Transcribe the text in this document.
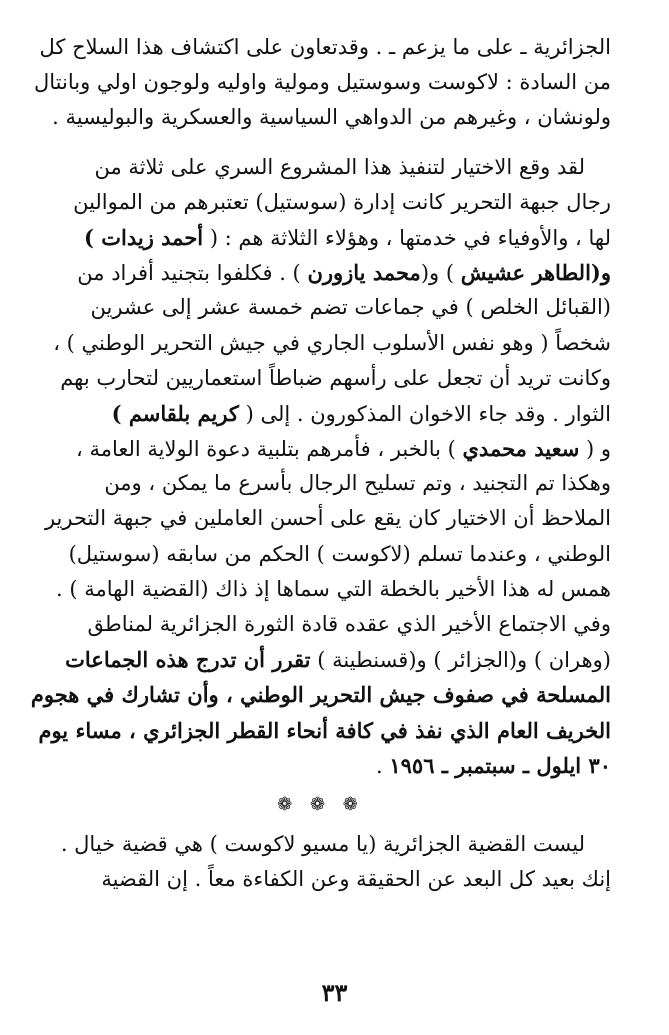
الجزائرية ـ على ما يزعم ـ . وقدتعاون على اكتشاف هذا السلاح كل
من السادة : لاكوست وسوستيل ومولية واوليه ولوجون اولي وبانتال
ولونشان ، وغيرهم من الدواهي السياسية والعسكرية والبوليسية .
لقد وقع الاختيار لتنفيذ هذا المشروع السري على ثلاثة من
رجال جبهة التحرير كانت إدارة (سوستيل) تعتبرهم من الموالين
لها ، والأوفياء في خدمتها ، وهؤلاء الثلاثة هم : ( أحمد زيدات )
و(الطاهر عشيش ) و(محمد يازورن ) . فكلفوا بتجنيد أفراد من
(القبائل الخلص ) في جماعات تضم خمسة عشر إلى عشرين
شخصاً ( وهو نفس الأسلوب الجاري في جيش التحرير الوطني ) ،
وكانت تريد أن تجعل على رأسهم ضباطاً استعماريين لتحارب بهم
الثوار . وقد جاء الاخوان المذكورون . إلى ( كريم بلقاسم )
و ( سعيد محمدي ) بالخبر ، فأمرهم بتلبية دعوة الولاية العامة ،
وهكذا تم التجنيد ، وتم تسليح الرجال بأسرع ما يمكن ، ومن
الملاحظ أن الاختيار كان يقع على أحسن العاملين في جبهة التحرير
الوطني ، وعندما تسلم (لاكوست ) الحكم من سابقه (سوستيل)
همس له هذا الأخير بالخطة التي سماها إذ ذاك (القضية الهامة ) .
وفي الاجتماع الأخير الذي عقده قادة الثورة الجزائرية لمناطق
(وهران ) و(الجزائر ) و(قسنطينة ) تقرر أن تدرج هذه الجماعات
المسلحة في صفوف جيش التحرير الوطني ، وأن تشارك في هجوم
الخريف العام الذي نفذ في كافة أنحاء القطر الجزائري ، مساء يوم
٣٠ ايلول ـ سبتمبر ـ ١٩٥٦ .
❁ ❁ ❁
ليست القضية الجزائرية (يا مسيو لاكوست ) هي قضية خيال .
إنك بعيد كل البعد عن الحقيقة وعن الكفاءة معاً . إن القضية
٣٣
